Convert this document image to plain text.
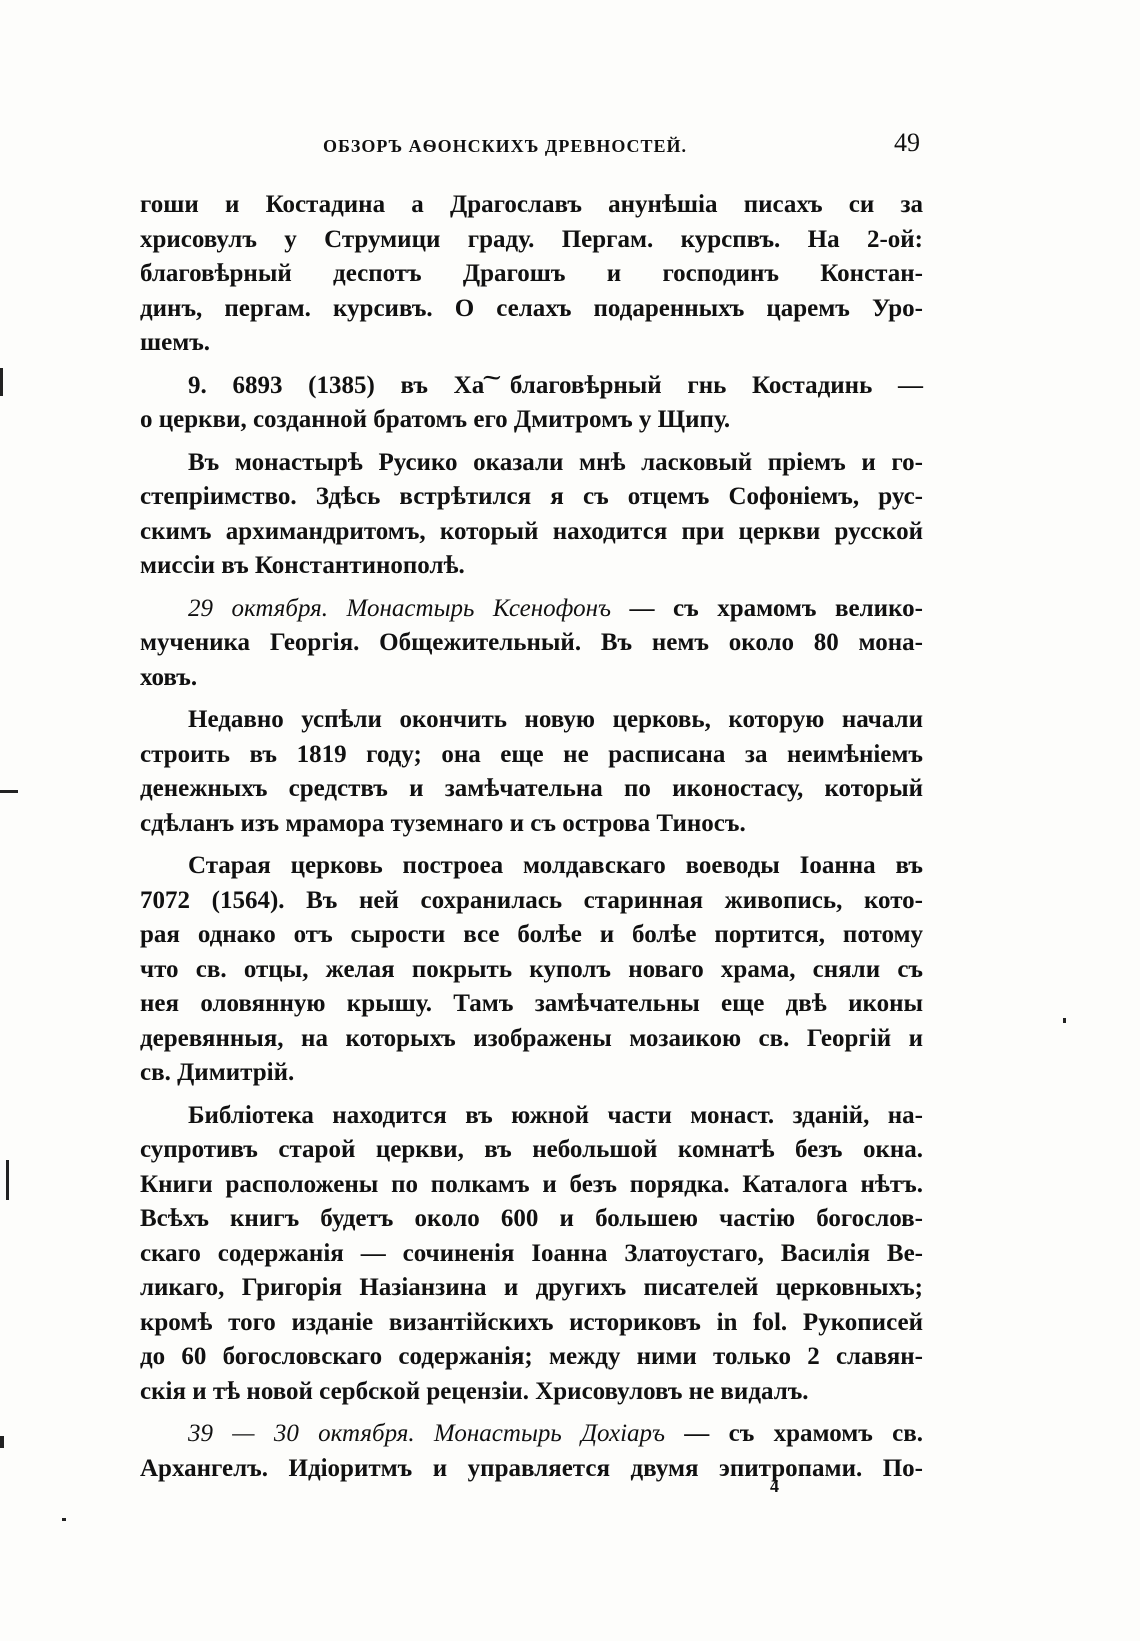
ОБЗОРЪ АѲОНСКИХЪ ДРЕВНОСТЕЙ.	49
гоши и Костадина а Драгославъ анунѣшіа писахъ си за
хрисовулъ у Струмици граду. Пергам. курспвъ. На 2-ой:
благовѣрный деспотъ Драгошъ и господинъ Констан-
динъ, пергам. курсивъ. О селахъ подаренныхъ царемъ Уро-
шемъ.
9. 6893 (1385) въ Ха͠ благовѣрный гнь Костадинь —
о церкви, созданной братомъ его Дмитромъ у Щипу.
Въ монастырѣ Русико оказали мнѣ ласковый пріемъ и го-
степріимство. Здѣсь встрѣтился я съ отцемъ Софоніемъ, рус-
скимъ архимандритомъ, который находится при церкви русской
миссіи въ Константинополѣ.
29 октября. Монастырь Ксенофонъ — съ храмомъ велико-
мученика Георгія. Общежительный. Въ немъ около 80 мона-
ховъ.
Недавно успѣли окончить новую церковь, которую начали
строить въ 1819 году; она еще не расписана за неимѣніемъ
денежныхъ средствъ и замѣчательна по иконостасу, который
сдѣланъ изъ мрамора туземнаго и съ острова Тиносъ.
Старая церковь построеа молдавскаго воеводы Іоанна въ
7072 (1564). Въ ней сохранилась старинная живопись, кото-
рая однако отъ сырости все болѣе и болѣе портится, потому
что св. отцы, желая покрыть куполъ новаго храма, сняли съ
нея оловянную крышу. Тамъ замѣчательны еще двѣ иконы
деревянныя, на которыхъ изображены мозаикою св. Георгій и
св. Димитрій.
Библіотека находится въ южной части монаст. зданій, на-
супротивъ старой церкви, въ небольшой комнатѣ безъ окна.
Книги расположены по полкамъ и безъ порядка. Каталога нѣтъ.
Всѣхъ книгъ будетъ около 600 и большею частію богослов-
скаго содержанія — сочиненія Іоанна Златоустаго, Василія Ве-
ликаго, Григорія Назіанзина и другихъ писателей церковныхъ;
кромѣ того изданіе византійскихъ историковъ in fol. Рукописей
до 60 богословскаго содержанія; между ними только 2 славян-
скія и тѣ новой сербской рецензіи. Хрисовуловъ не видалъ.
39 — 30 октября. Монастырь Дохіаръ — съ храмомъ св.
Архангелъ. Идіоритмъ и управляется двумя эпитропами. По-
4
